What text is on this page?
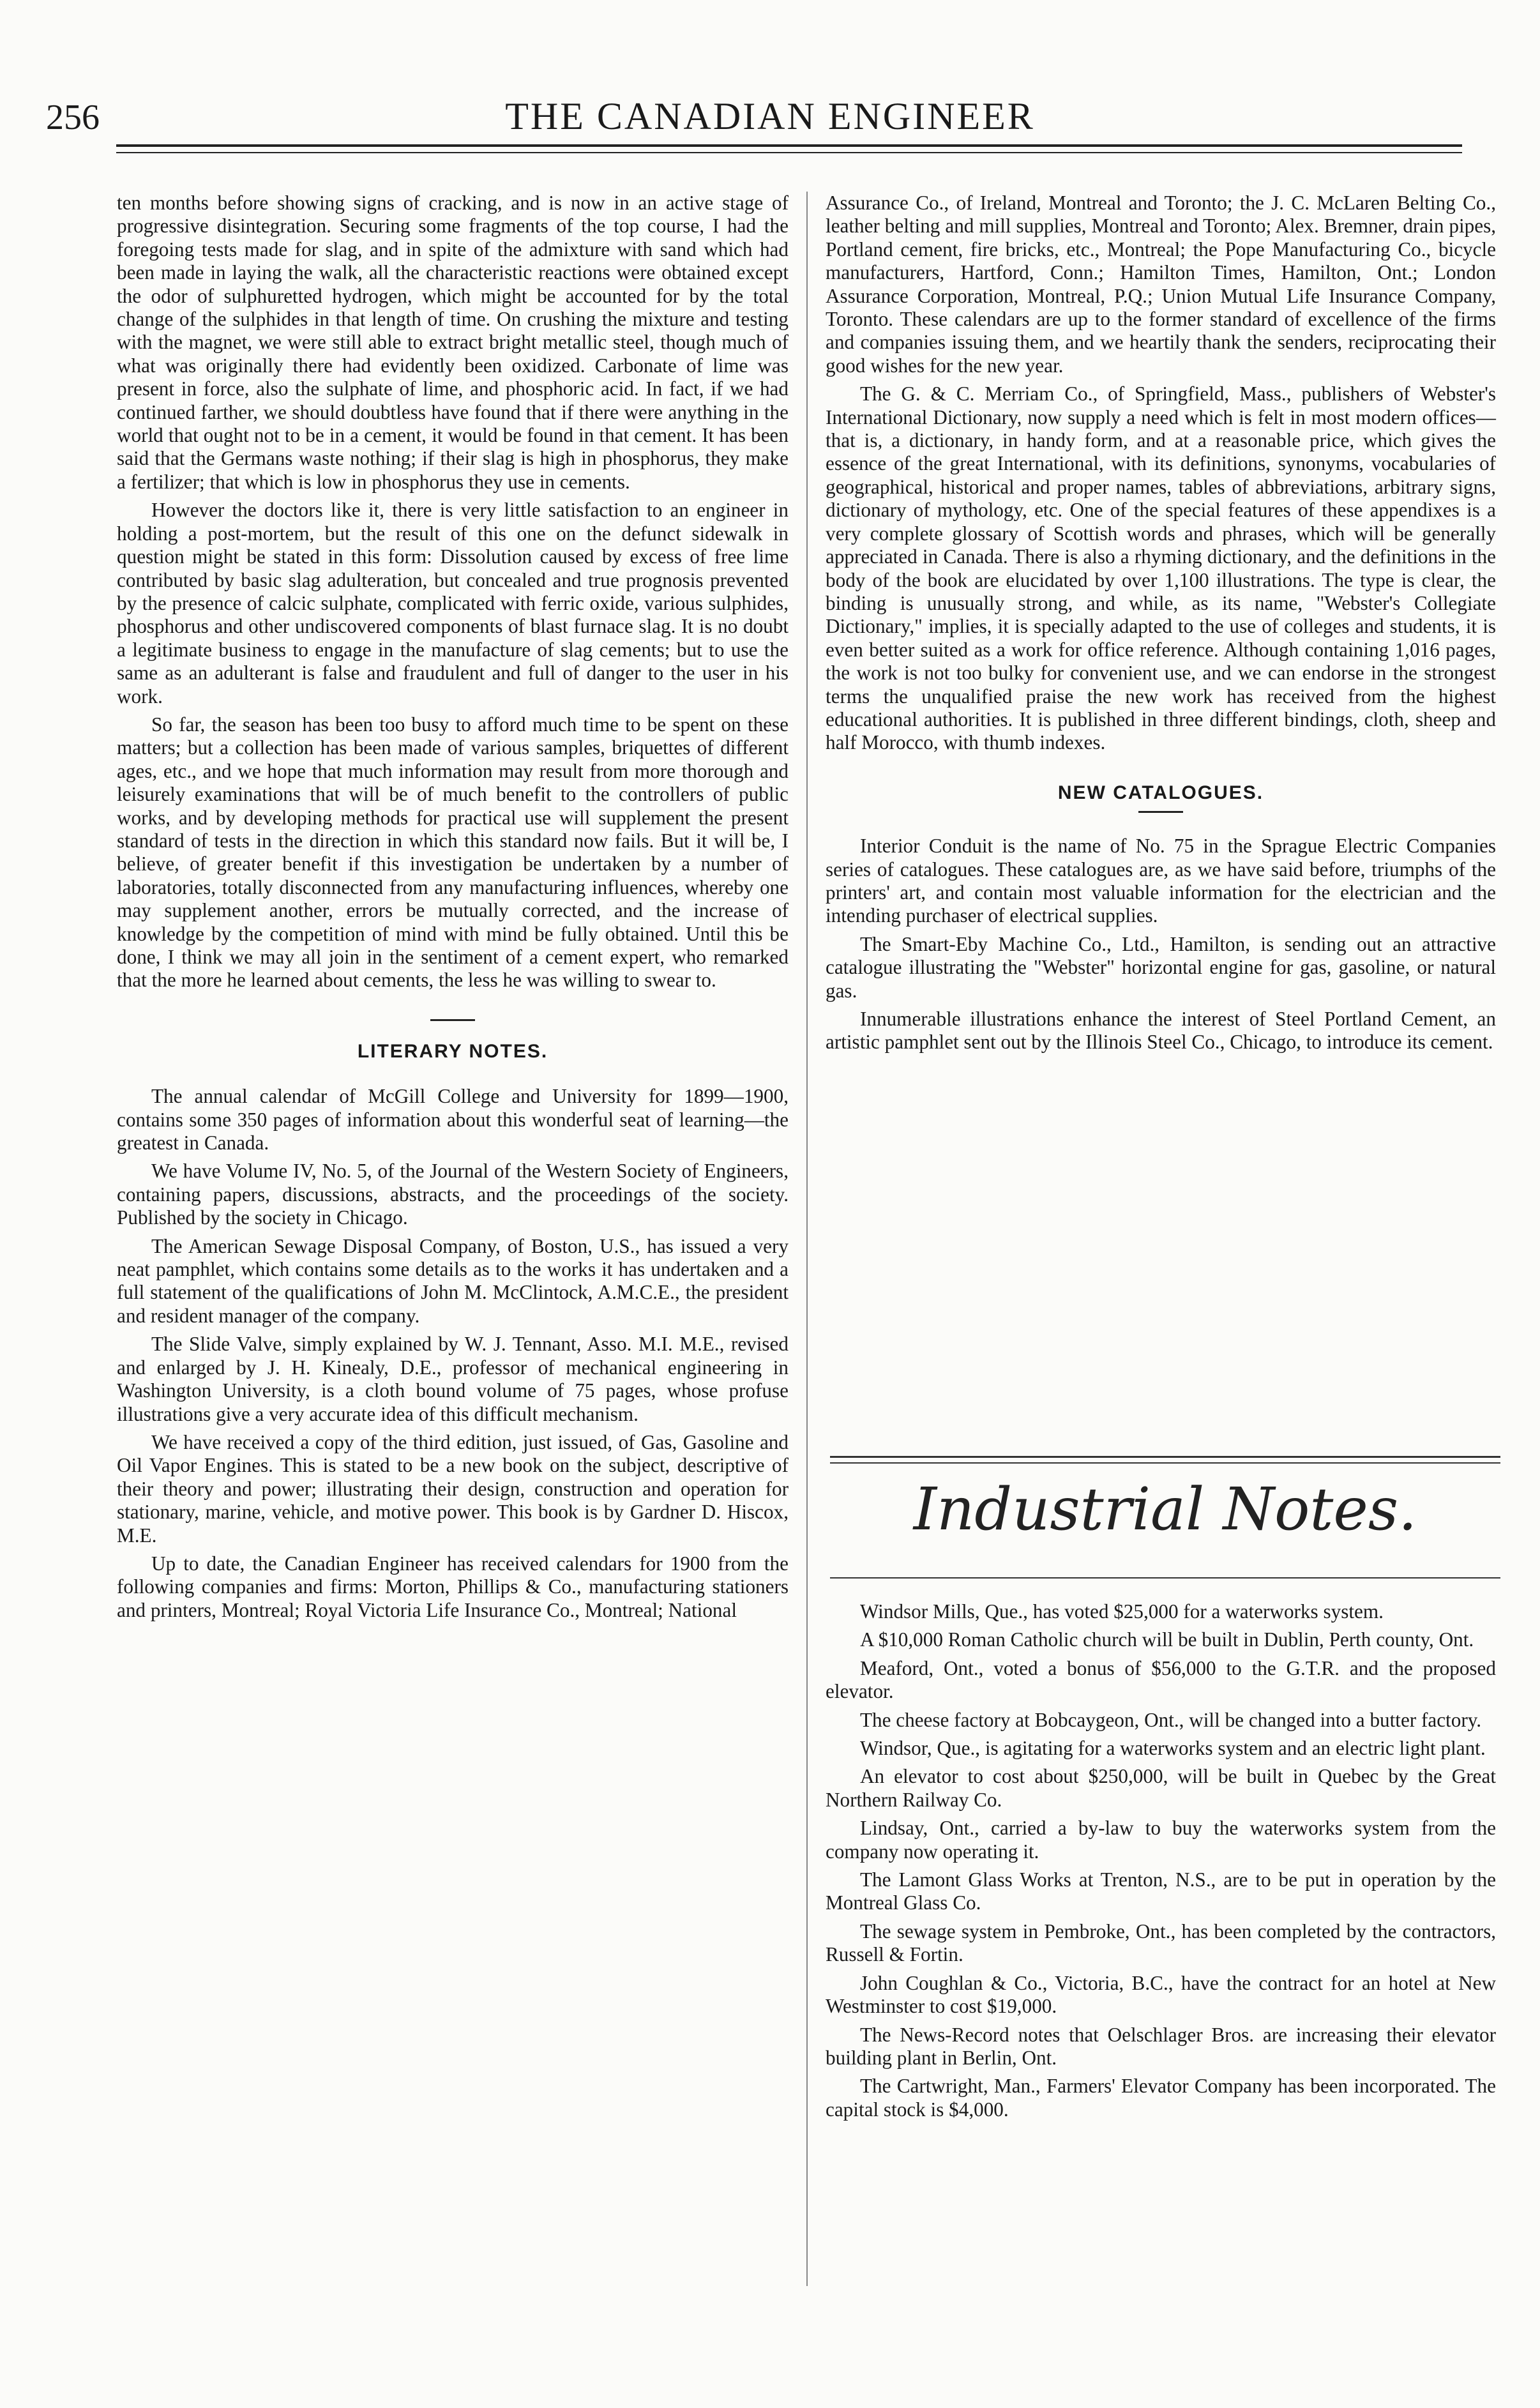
256	THE CANADIAN ENGINEER

ten months before showing signs of cracking, and is now in an active stage of progressive disintegration. Securing some fragments of the top course, I had the foregoing tests made for slag, and in spite of the admixture with sand which had been made in laying the walk, all the characteristic reactions were obtained except the odor of sulphuretted hydrogen, which might be accounted for by the total change of the sulphides in that length of time. On crushing the mixture and testing with the magnet, we were still able to extract bright metallic steel, though much of what was originally there had evidently been oxidized. Carbonate of lime was present in force, also the sulphate of lime, and phosphoric acid. In fact, if we had continued farther, we should doubtless have found that if there were anything in the world that ought not to be in a cement, it would be found in that cement. It has been said that the Germans waste nothing; if their slag is high in phosphorus, they make a fertilizer; that which is low in phosphorus they use in cements.

However the doctors like it, there is very little satisfaction to an engineer in holding a post-mortem, but the result of this one on the defunct sidewalk in question might be stated in this form: Dissolution caused by excess of free lime contributed by basic slag adulteration, but concealed and true prognosis prevented by the presence of calcic sulphate, complicated with ferric oxide, various sulphides, phosphorus and other undiscovered components of blast furnace slag. It is no doubt a legitimate business to engage in the manufacture of slag cements; but to use the same as an adulterant is false and fraudulent and full of danger to the user in his work.

So far, the season has been too busy to afford much time to be spent on these matters; but a collection has been made of various samples, briquettes of different ages, etc., and we hope that much information may result from more thorough and leisurely examinations that will be of much benefit to the controllers of public works, and by developing methods for practical use will supplement the present standard of tests in the direction in which this standard now fails. But it will be, I believe, of greater benefit if this investigation be undertaken by a number of laboratories, totally disconnected from any manufacturing influences, whereby one may supplement another, errors be mutually corrected, and the increase of knowledge by the competition of mind with mind be fully obtained. Until this be done, I think we may all join in the sentiment of a cement expert, who remarked that the more he learned about cements, the less he was willing to swear to.

LITERARY NOTES.

The annual calendar of McGill College and University for 1899—1900, contains some 350 pages of information about this wonderful seat of learning—the greatest in Canada.

We have Volume IV, No. 5, of the Journal of the Western Society of Engineers, containing papers, discussions, abstracts, and the proceedings of the society. Published by the society in Chicago.

The American Sewage Disposal Company, of Boston, U.S., has issued a very neat pamphlet, which contains some details as to the works it has undertaken and a full statement of the qualifications of John M. McClintock, A.M.C.E., the president and resident manager of the company.

The Slide Valve, simply explained by W. J. Tennant, Asso. M.I. M.E., revised and enlarged by J. H. Kinealy, D.E., professor of mechanical engineering in Washington University, is a cloth bound volume of 75 pages, whose profuse illustrations give a very accurate idea of this difficult mechanism.

We have received a copy of the third edition, just issued, of Gas, Gasoline and Oil Vapor Engines. This is stated to be a new book on the subject, descriptive of their theory and power; illustrating their design, construction and operation for stationary, marine, vehicle, and motive power. This book is by Gardner D. Hiscox, M.E.

Up to date, the Canadian Engineer has received calendars for 1900 from the following companies and firms: Morton, Phillips & Co., manufacturing stationers and printers, Montreal; Royal Victoria Life Insurance Co., Montreal; National

Assurance Co., of Ireland, Montreal and Toronto; the J. C. McLaren Belting Co., leather belting and mill supplies, Montreal and Toronto; Alex. Bremner, drain pipes, Portland cement, fire bricks, etc., Montreal; the Pope Manufacturing Co., bicycle manufacturers, Hartford, Conn.; Hamilton Times, Hamilton, Ont.; London Assurance Corporation, Montreal, P.Q.; Union Mutual Life Insurance Company, Toronto. These calendars are up to the former standard of excellence of the firms and companies issuing them, and we heartily thank the senders, reciprocating their good wishes for the new year.

The G. & C. Merriam Co., of Springfield, Mass., publishers of Webster's International Dictionary, now supply a need which is felt in most modern offices—that is, a dictionary, in handy form, and at a reasonable price, which gives the essence of the great International, with its definitions, synonyms, vocabularies of geographical, historical and proper names, tables of abbreviations, arbitrary signs, dictionary of mythology, etc. One of the special features of these appendixes is a very complete glossary of Scottish words and phrases, which will be generally appreciated in Canada. There is also a rhyming dictionary, and the definitions in the body of the book are elucidated by over 1,100 illustrations. The type is clear, the binding is unusually strong, and while, as its name, "Webster's Collegiate Dictionary," implies, it is specially adapted to the use of colleges and students, it is even better suited as a work for office reference. Although containing 1,016 pages, the work is not too bulky for convenient use, and we can endorse in the strongest terms the unqualified praise the new work has received from the highest educational authorities. It is published in three different bindings, cloth, sheep and half Morocco, with thumb indexes.

NEW CATALOGUES.

Interior Conduit is the name of No. 75 in the Sprague Electric Companies series of catalogues. These catalogues are, as we have said before, triumphs of the printers' art, and contain most valuable information for the electrician and the intending purchaser of electrical supplies.

The Smart-Eby Machine Co., Ltd., Hamilton, is sending out an attractive catalogue illustrating the "Webster" horizontal engine for gas, gasoline, or natural gas.

Innumerable illustrations enhance the interest of Steel Portland Cement, an artistic pamphlet sent out by the Illinois Steel Co., Chicago, to introduce its cement.

Industrial Notes.

Windsor Mills, Que., has voted $25,000 for a waterworks system.

A $10,000 Roman Catholic church will be built in Dublin, Perth county, Ont.

Meaford, Ont., voted a bonus of $56,000 to the G.T.R. and the proposed elevator.

The cheese factory at Bobcaygeon, Ont., will be changed into a butter factory.

Windsor, Que., is agitating for a waterworks system and an electric light plant.

An elevator to cost about $250,000, will be built in Quebec by the Great Northern Railway Co.

Lindsay, Ont., carried a by-law to buy the waterworks system from the company now operating it.

The Lamont Glass Works at Trenton, N.S., are to be put in operation by the Montreal Glass Co.

The sewage system in Pembroke, Ont., has been completed by the contractors, Russell & Fortin.

John Coughlan & Co., Victoria, B.C., have the contract for an hotel at New Westminster to cost $19,000.

The News-Record notes that Oelschlager Bros. are increasing their elevator building plant in Berlin, Ont.

The Cartwright, Man., Farmers' Elevator Company has been incorporated. The capital stock is $4,000.
